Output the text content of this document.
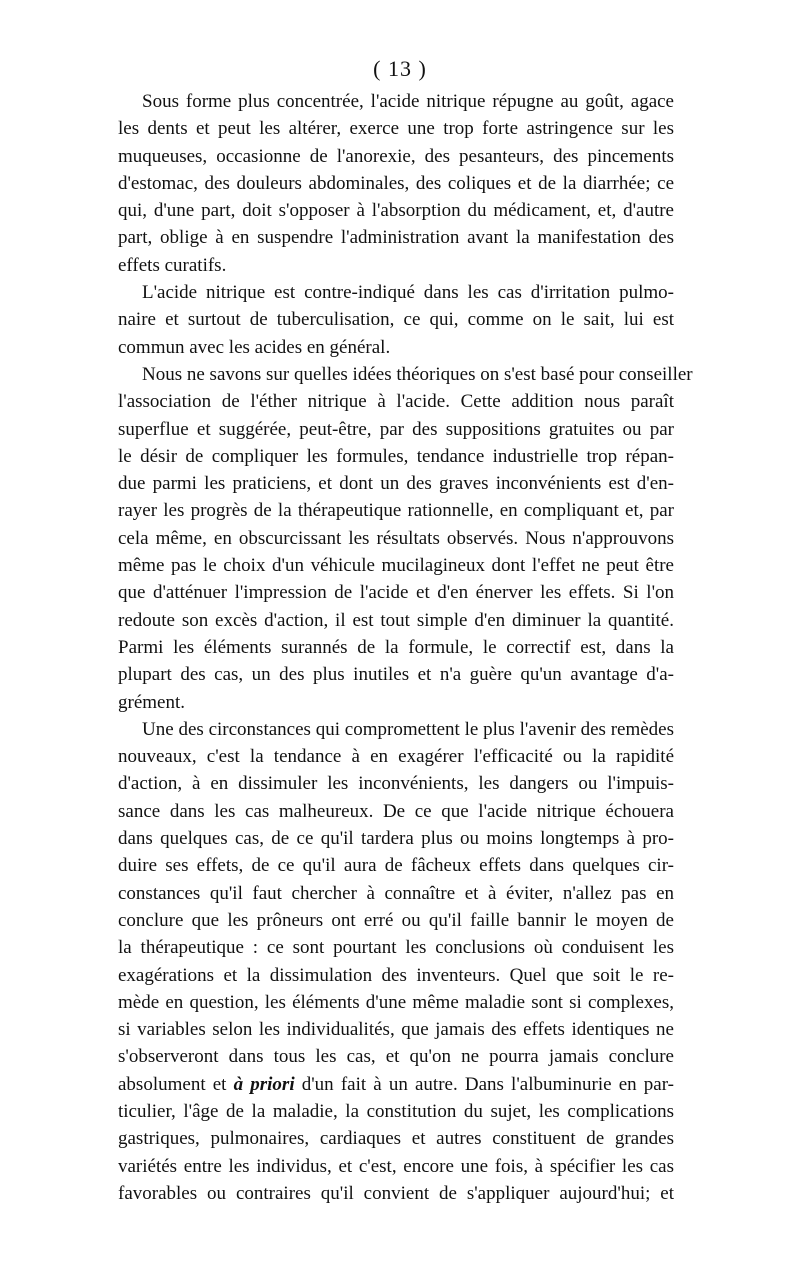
( 13 )
Sous forme plus concentrée, l'acide nitrique répugne au goût, agace
les dents et peut les altérer, exerce une trop forte astringence sur les
muqueuses, occasionne de l'anorexie, des pesanteurs, des pincements
d'estomac, des douleurs abdominales, des coliques et de la diarrhée; ce
qui, d'une part, doit s'opposer à l'absorption du médicament, et, d'autre
part, oblige à en suspendre l'administration avant la manifestation des
effets curatifs.
L'acide nitrique est contre-indiqué dans les cas d'irritation pulmo-
naire et surtout de tuberculisation, ce qui, comme on le sait, lui est
commun avec les acides en général.
Nous ne savons sur quelles idées théoriques on s'est basé pour conseiller
l'association de l'éther nitrique à l'acide. Cette addition nous paraît
superflue et suggérée, peut-être, par des suppositions gratuites ou par
le désir de compliquer les formules, tendance industrielle trop répan-
due parmi les praticiens, et dont un des graves inconvénients est d'en-
rayer les progrès de la thérapeutique rationnelle, en compliquant et, par
cela même, en obscurcissant les résultats observés. Nous n'approuvons
même pas le choix d'un véhicule mucilagineux dont l'effet ne peut être
que d'atténuer l'impression de l'acide et d'en énerver les effets. Si l'on
redoute son excès d'action, il est tout simple d'en diminuer la quantité.
Parmi les éléments surannés de la formule, le correctif est, dans la
plupart des cas, un des plus inutiles et n'a guère qu'un avantage d'a-
grément.
Une des circonstances qui compromettent le plus l'avenir des remèdes
nouveaux, c'est la tendance à en exagérer l'efficacité ou la rapidité
d'action, à en dissimuler les inconvénients, les dangers ou l'impuis-
sance dans les cas malheureux. De ce que l'acide nitrique échouera
dans quelques cas, de ce qu'il tardera plus ou moins longtemps à pro-
duire ses effets, de ce qu'il aura de fâcheux effets dans quelques cir-
constances qu'il faut chercher à connaître et à éviter, n'allez pas en
conclure que les prôneurs ont erré ou qu'il faille bannir le moyen de
la thérapeutique : ce sont pourtant les conclusions où conduisent les
exagérations et la dissimulation des inventeurs. Quel que soit le re-
mède en question, les éléments d'une même maladie sont si complexes,
si variables selon les individualités, que jamais des effets identiques ne
s'observeront dans tous les cas, et qu'on ne pourra jamais conclure
absolument et à priori d'un fait à un autre. Dans l'albuminurie en par-
ticulier, l'âge de la maladie, la constitution du sujet, les complications
gastriques, pulmonaires, cardiaques et autres constituent de grandes
variétés entre les individus, et c'est, encore une fois, à spécifier les cas
favorables ou contraires qu'il convient de s'appliquer aujourd'hui; et
